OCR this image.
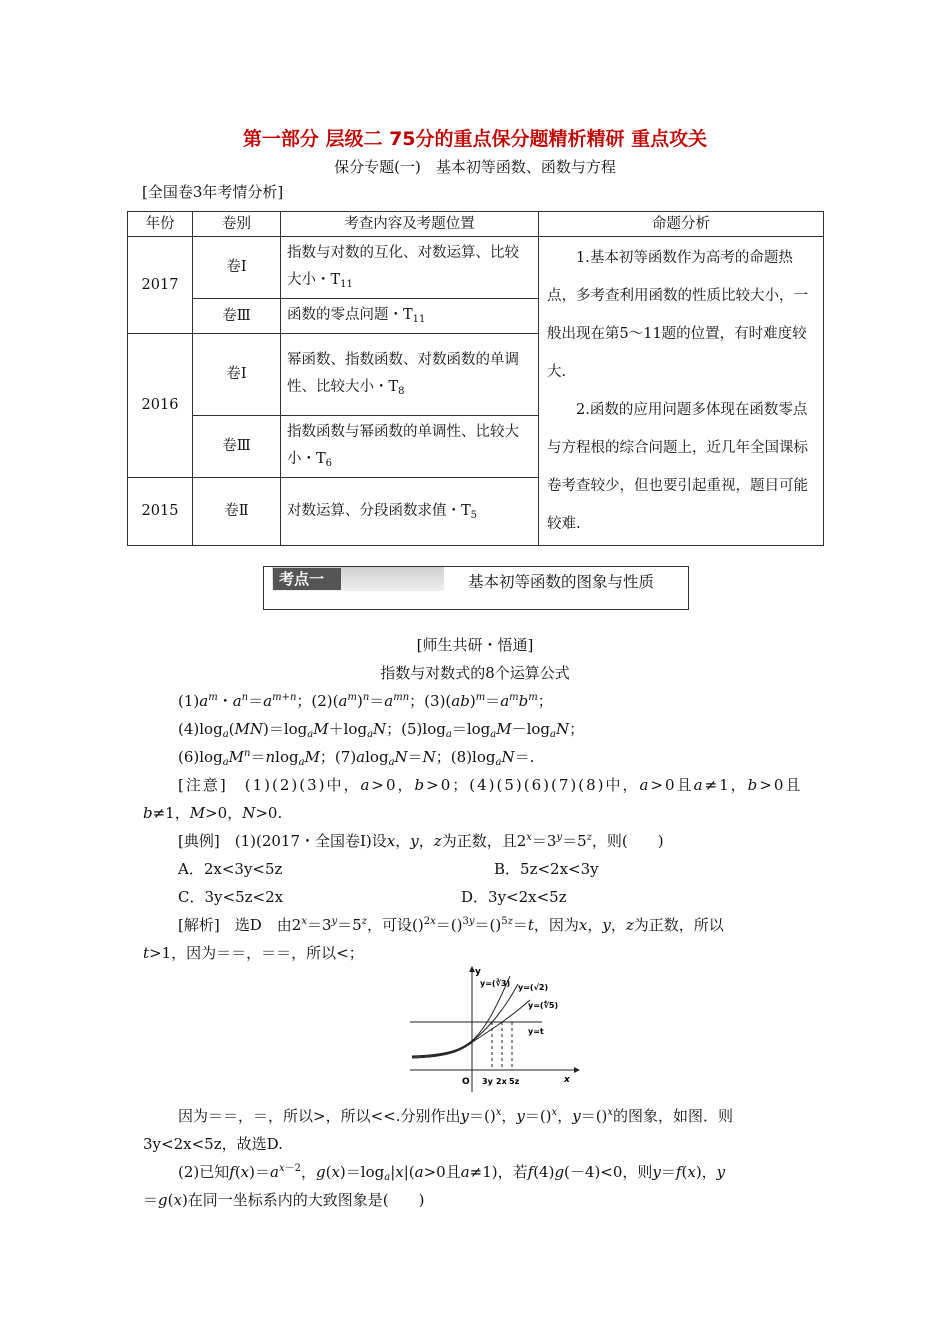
第一部分 层级二 75分的重点保分题精析精研 重点攻关
保分专题(一)　基本初等函数、函数与方程
[全国卷3年考情分析]
年份	卷别	考查内容及考题位置	命题分析
2017	卷Ⅰ	指数与对数的互化、对数运算、比较大小・$T_{11}$	1.基本初等函数作为高考的命题热点，多考查利用函数的性质比较大小，一般出现在第5～11题的位置，有时难度较大.
2.函数的应用问题多体现在函数零点与方程根的综合问题上，近几年全国课标卷考查较少，但也要引起重视，题目可能较难.

	卷Ⅲ	函数的零点问题・$T_{11}$
2016	卷Ⅰ	幂函数、指数函数、对数函数的单调性、比较大小・$T_8$
	卷Ⅲ	指数函数与幂函数的单调性、比较大小・$T_6$
2015	卷Ⅱ	对数运算、分段函数求值・$T_5$
考点一	基本初等函数的图象与性质
[师生共研・悟通]
指数与对数式的8个运算公式
$(1)a^m$・$a^n=a^{m+n}$；$(2)(a^m)^n=a^{mn}$；$(3)(ab)^m=a^mb^m$；
$(4)\log_a(MN)=\log_aM+\log_aN$；$(5)\log_a=\log_aM-\log_aN$；
$(6)\log_aM^n=nlog_aM$；(7)alog$_a$N＝N；$(8)\log_aN=$.
[注意]　(1)(2)(3)中，a>0，b>0；(4)(5)(6)(7)(8)中，a>0且a≠1，b>0且
b≠1，M>0，N>0.
[典例]　 (1)(2017・全国卷Ⅰ)设x，y，z为正数，且$2^x=3^y=5^z$，则(　　)
A．2x<3y<5z	B．5z<2x<3y
C．3y<5z<2x	D．3y<2x<5z
[解析]　 选D　由$2^x=3^y=5^z$，可设()$^{2x}$＝()$^{3y}$＝()$^{5z}$＝t，因为x，y，z为正数，所以
t>1，因为＝＝，＝＝，所以<；
y
x
O
y=(∛3) y=(√2)
y=(∜5)
y=t
3y 2x 5z
因为＝＝，＝，所以>，所以<<.分别作出y＝()$^x$，y＝()$^x$，y＝()$^x$的图象，如图．则
3y<2x<5z，故选D.
(2)已知$f(x)=a^{x-2}$，$g(x)=\log_a|x|(a>0$且a≠1)，若f(4)g(－4)<0，则y＝f(x)，y
＝g(x)在同一坐标系内的大致图象是(　　)
